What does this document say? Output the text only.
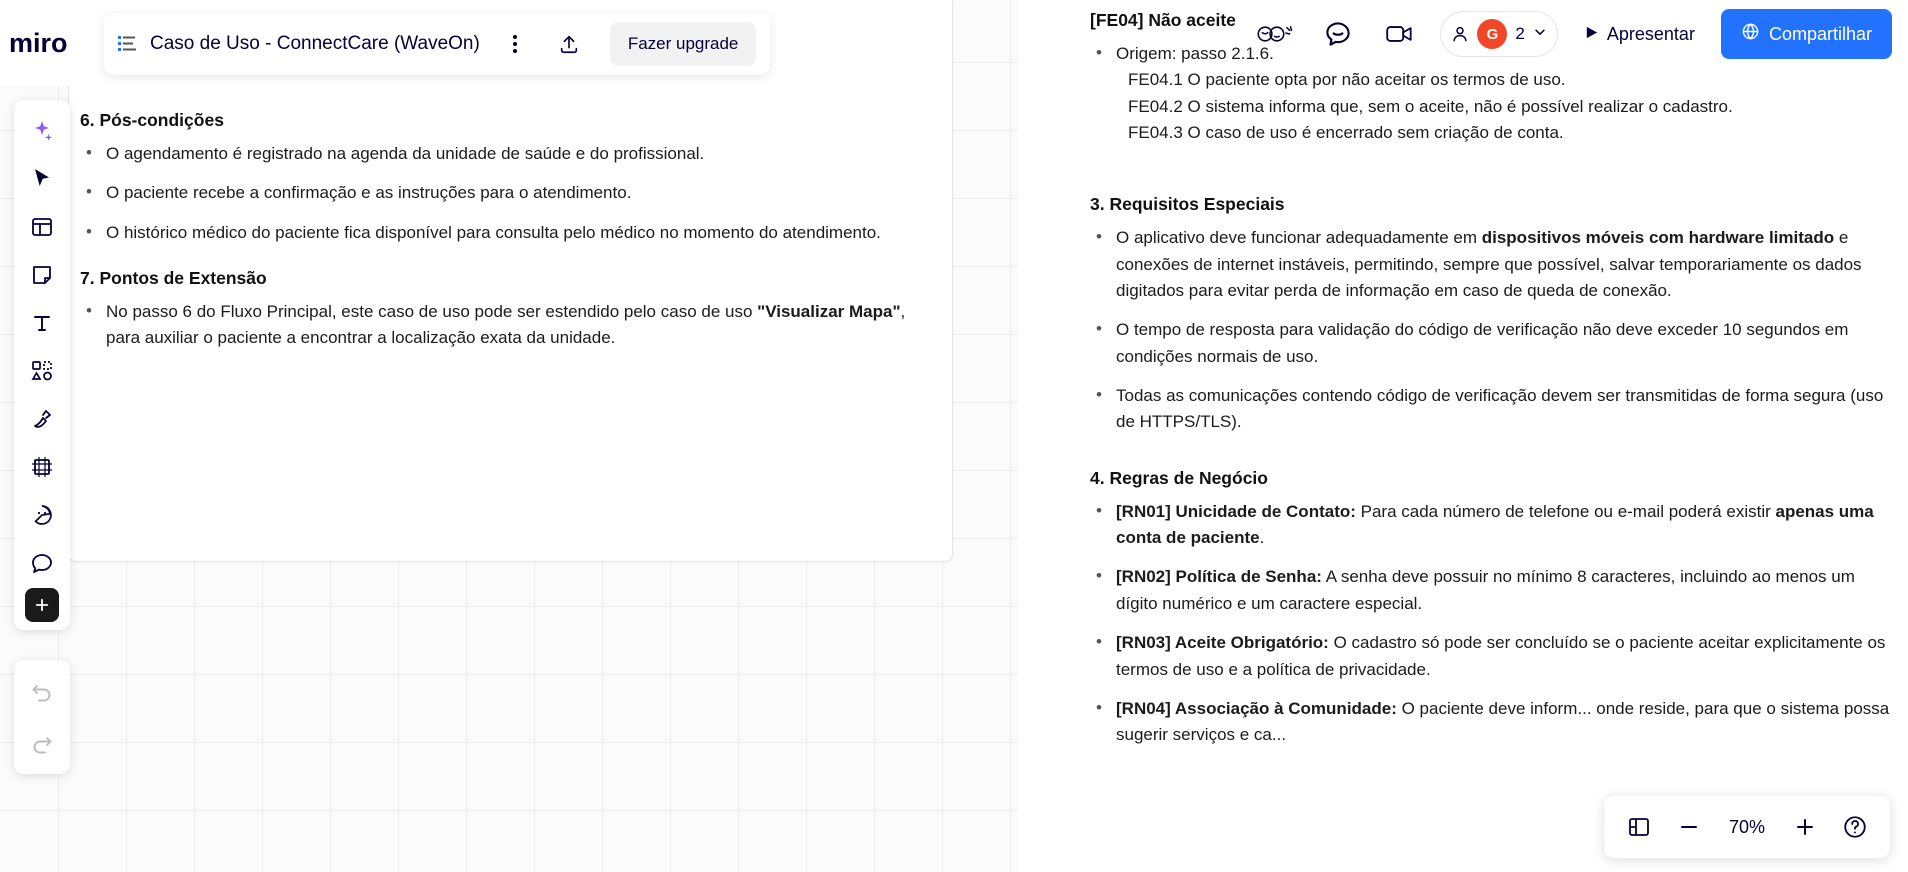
6. Pós-condições
• O agendamento é registrado na agenda da unidade de saúde e do profissional.
• O paciente recebe a confirmação e as instruções para o atendimento.
• O histórico médico do paciente fica disponível para consulta pelo médico no momento do atendimento.
7. Pontos de Extensão
• No passo 6 do Fluxo Principal, este caso de uso pode ser estendido pelo caso de uso "Visualizar Mapa", para auxiliar o paciente a encontrar a localização exata da unidade.
[FE04] Não aceite
• Origem: passo 2.1.6.
FE04.1 O paciente opta por não aceitar os termos de uso.
FE04.2 O sistema informa que, sem o aceite, não é possível realizar o cadastro.
FE04.3 O caso de uso é encerrado sem criação de conta.
3. Requisitos Especiais
• O aplicativo deve funcionar adequadamente em dispositivos móveis com hardware limitado e conexões de internet instáveis, permitindo, sempre que possível, salvar temporariamente os dados digitados para evitar perda de informação em caso de queda de conexão.
• O tempo de resposta para validação do código de verificação não deve exceder 10 segundos em condições normais de uso.
• Todas as comunicações contendo código de verificação devem ser transmitidas de forma segura (uso de HTTPS/TLS).
4. Regras de Negócio
• [RN01] Unicidade de Contato: Para cada número de telefone ou e-mail poderá existir apenas uma conta de paciente.
• [RN02] Política de Senha: A senha deve possuir no mínimo 8 caracteres, incluindo ao menos um dígito numérico e um caractere especial.
• [RN03] Aceite Obrigatório: O cadastro só pode ser concluído se o paciente aceitar explicitamente os termos de uso e a política de privacidade.
• [RN04] Associação à Comunidade: O paciente deve inform... onde reside, para que o sistema possa sugerir serviços e ca...
miro	Caso de Uso - ConnectCare (WaveOn)	Fazer upgrade	G	2	Apresentar	Compartilhar
70%
